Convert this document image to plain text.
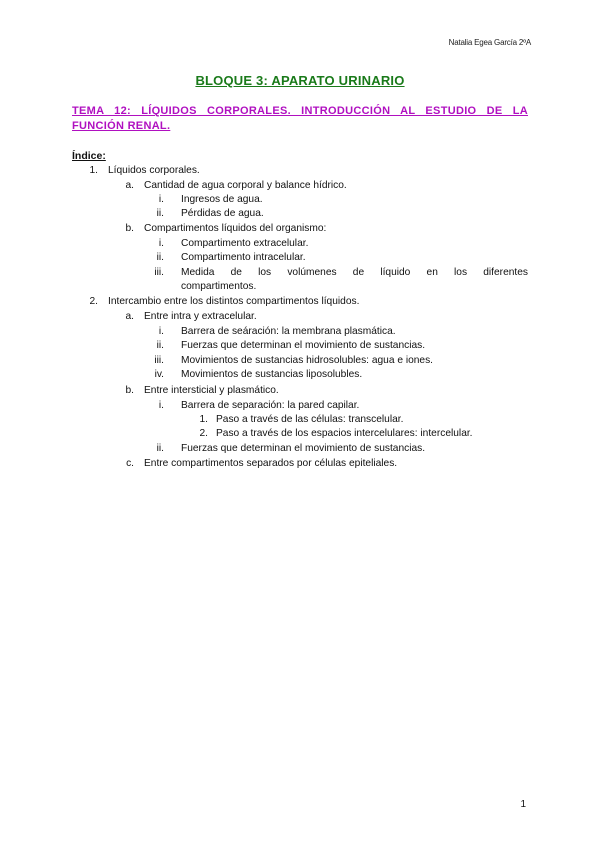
Natalia Egea García 2ºA
BLOQUE 3: APARATO URINARIO
TEMA 12: LÍQUIDOS CORPORALES. INTRODUCCIÓN AL ESTUDIO DE LA FUNCIÓN RENAL.
Índice:
1. Líquidos corporales.
a. Cantidad de agua corporal y balance hídrico.
i. Ingresos de agua.
ii. Pérdidas de agua.
b. Compartimentos líquidos del organismo:
i. Compartimento extracelular.
ii. Compartimento intracelular.
iii. Medida de los volúmenes de líquido en los diferentes
compartimentos.
2. Intercambio entre los distintos compartimentos líquidos.
a. Entre intra y extracelular.
i. Barrera de seáración: la membrana plasmática.
ii. Fuerzas que determinan el movimiento de sustancias.
iii. Movimientos de sustancias hidrosolubles: agua e iones.
iv. Movimientos de sustancias liposolubles.
b. Entre intersticial y plasmático.
i. Barrera de separación: la pared capilar.
1. Paso a través de las células: transcelular.
2. Paso a través de los espacios intercelulares: intercelular.
ii. Fuerzas que determinan el movimiento de sustancias.
c. Entre compartimentos separados por células epiteliales.
1
